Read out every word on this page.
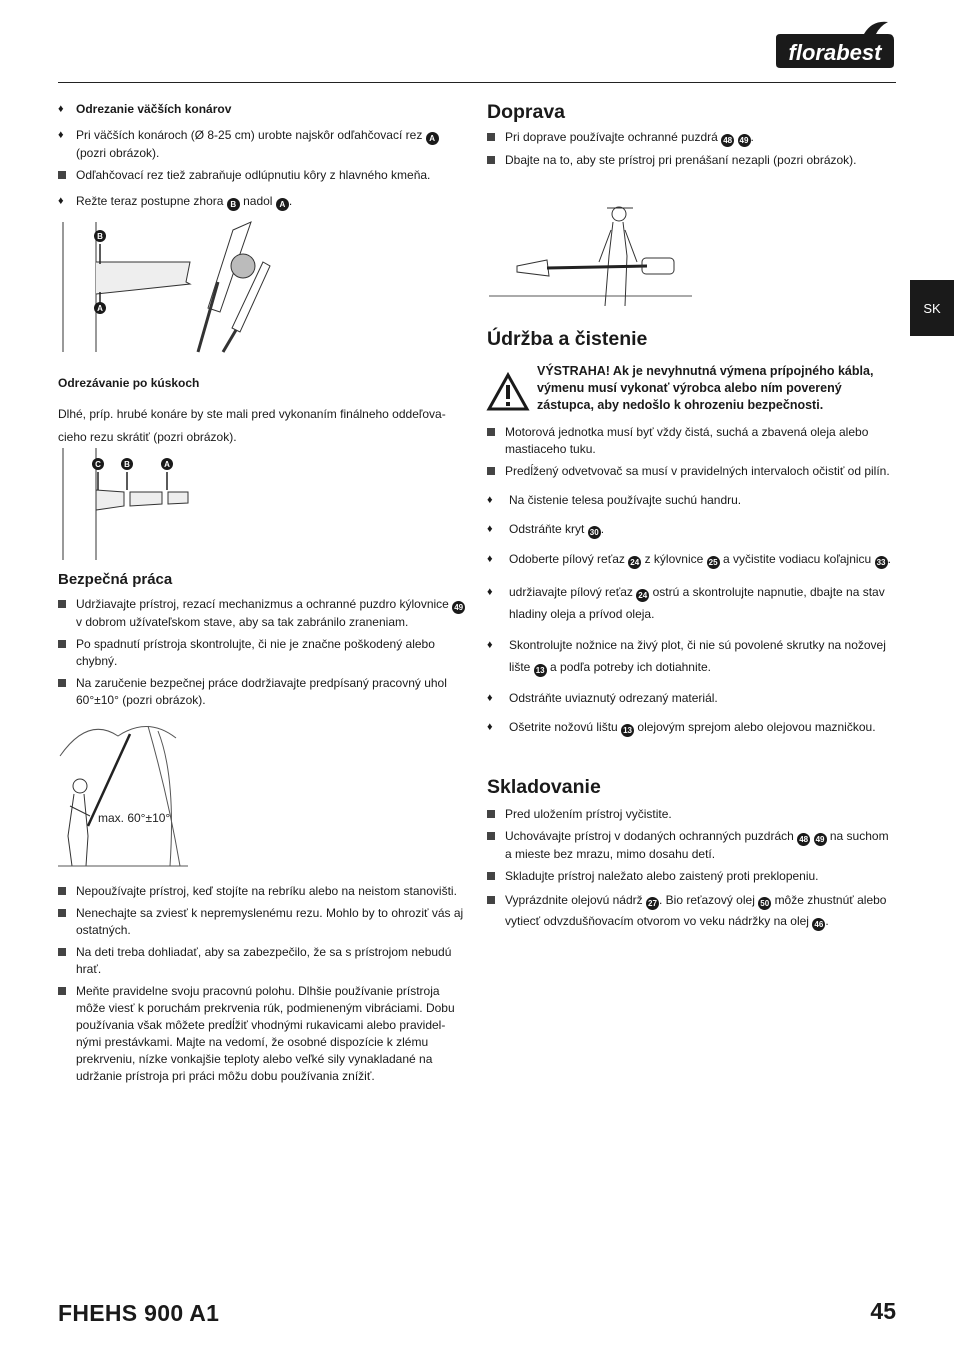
florabest
SK
♦	Odrezanie väčších konárov
♦	Pri väčších konároch (Ø 8-25 cm) urobte najskôr odľahčovací rez A
(pozri obrázok).
Odľahčovací rez tiež zabraňuje odlúpnutiu kôry z hlavného kmeňa.
♦	Režte teraz postupne zhora B nadol A .
B
A
Odrezávanie po kúskoch
Dlhé, príp. hrubé konáre by ste mali pred vykonaním finálneho oddeľova-cieho rezu skrátiť (pozri obrázok).
C	B	A
Bezpečná práca
Udržiavajte prístroj, rezací mechanizmus a ochranné puzdro kýlovnice 49 v dobrom užívateľskom stave, aby sa tak zabránilo zraneniam.
Po spadnutí prístroja skontrolujte, či nie je značne poškodený alebo chybný.
Na zaručenie bezpečnej práce dodržiavajte predpísaný pracovný uhol 60°±10° (pozri obrázok).
max. 60°±10°
Nepoužívajte prístroj, keď stojíte na rebríku alebo na neistom stanovišti.
Nenechajte sa zviesť k nepremyslenému rezu. Mohlo by to ohroziť vás aj ostatných.
Na deti treba dohliadať, aby sa zabezpečilo, že sa s prístrojom nebudú hrať.
Meňte pravidelne svoju pracovnú polohu. Dlhšie používanie prístroja môže viesť k poruchám prekrvenia rúk, podmieneným vibráciami. Dobu používania však môžete predĺžiť vhodnými rukavicami alebo pravidel-nými prestávkami. Majte na vedomí, že osobné dispozície k zlému prekrveniu, nízke vonkajšie teploty alebo veľké sily vynakladané na udržanie prístroja pri práci môžu dobu používania znížiť.
Doprava
Pri doprave používajte ochranné puzdrá 48 49 .
Dbajte na to, aby ste prístroj pri prenášaní nezapli (pozri obrázok).
Údržba a čistenie
VÝSTRAHA! Ak je nevyhnutná výmena prípojného kábla, výmenu musí vykonať výrobca alebo ním poverený zástupca, aby nedošlo k ohrozeniu bezpečnosti.
Motorová jednotka musí byť vždy čistá, suchá a zbavená oleja alebo mastiaceho tuku.
Predĺžený odvetvovač sa musí v pravidelných intervaloch očistiť od pilín.
♦	Na čistenie telesa používajte suchú handru.
♦	Odstráňte kryt 30 .
♦	Odoberte pílový reťaz 24 z kýlovnice 25 a vyčistite vodiacu koľajnicu 33 .
♦	udržiavajte pílový reťaz 24 ostrú a skontrolujte napnutie, dbajte na stav hladiny oleja a prívod oleja.
♦	Skontrolujte nožnice na živý plot, či nie sú povolené skrutky na nožovej lište 13 a podľa potreby ich dotiahnite.
♦	Odstráňte uviaznutý odrezaný materiál.
♦	Ošetrite nožovú lištu 13 olejovým sprejom alebo olejovou mazničkou.
Skladovanie
Pred uložením prístroj vyčistite.
Uchovávajte prístroj v dodaných ochranných puzdrách 48 49 na suchom a mieste bez mrazu, mimo dosahu detí.
Skladujte prístroj naležato alebo zaistený proti preklopeniu.
Vyprázdnite olejovú nádrž 27 . Bio reťazový olej 50 môže zhustnúť alebo vytiecť odvzdušňovacím otvorom vo veku nádržky na olej 46 .
FHEHS 900 A1	45
